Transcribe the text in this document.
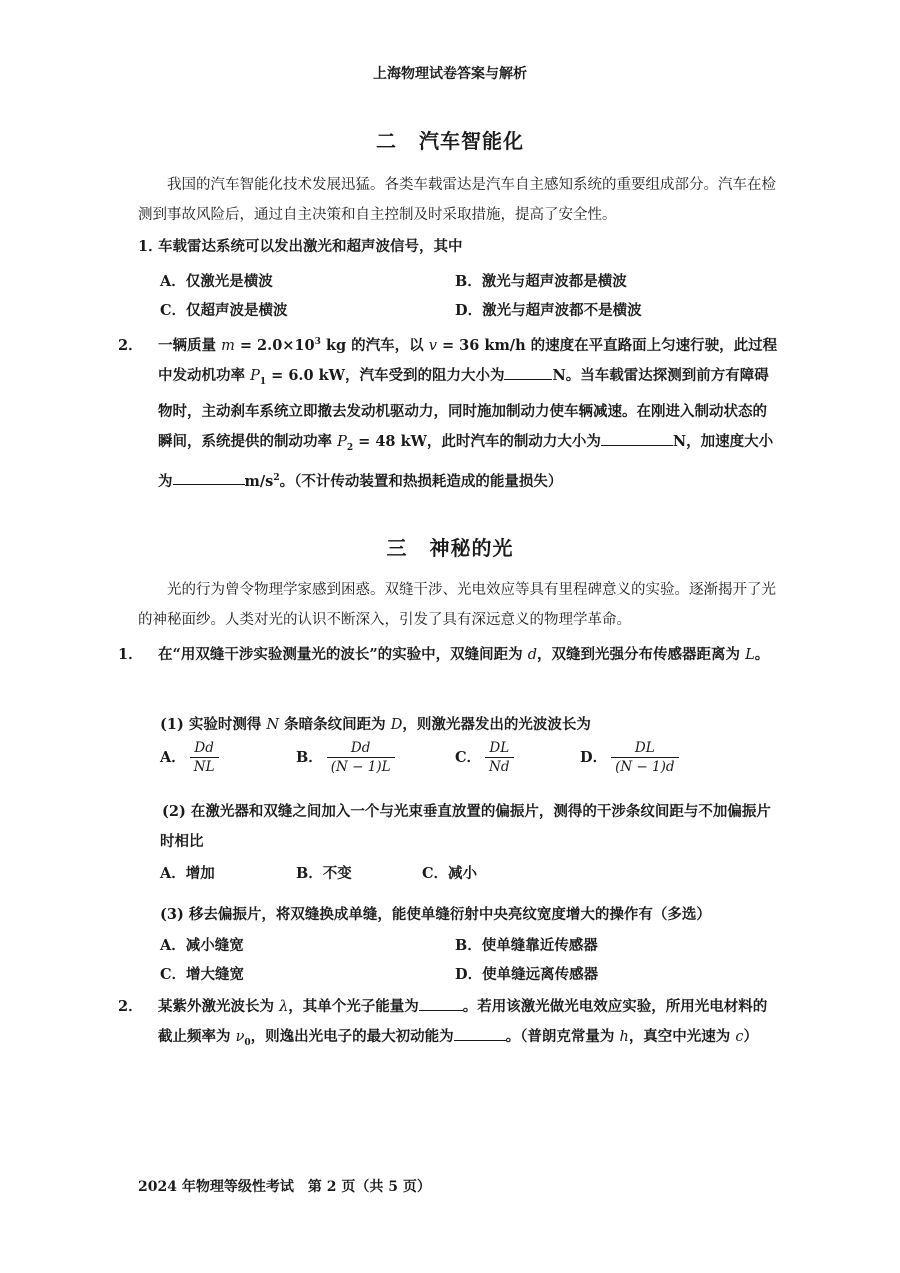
上海物理试卷答案与解析
二 汽车智能化
我国的汽车智能化技术发展迅猛。各类车载雷达是汽车自主感知系统的重要组成部分。汽车在检测到事故风险后，通过自主决策和自主控制及时采取措施，提高了安全性。
1．车载雷达系统可以发出激光和超声波信号，其中
A．仅激光是横波	B．激光与超声波都是横波
C．仅超声波是横波	D．激光与超声波都不是横波
2． 一辆质量 $m = 2.0\times 10^3$ kg 的汽车，以 v = 36 km/h 的速度在平直路面上匀速行驶，此过程中发动机功率 $P_1 = 6.0$ kW，汽车受到的阻力大小为	N。当车载雷达探测到前方有障碍物时，主动刹车系统立即撤去发动机驱动力，同时施加制动力使车辆减速。在刚进入制动状态的瞬间，系统提供的制动功率 $P_2 = 48$ kW，此时汽车的制动力大小为	N，加速度大小为	$m/s^2$。（不计传动装置和热损耗造成的能量损失）
三 神秘的光
光的行为曾令物理学家感到困惑。双缝干涉、光电效应等具有里程碑意义的实验。逐渐揭开了光的神秘面纱。人类对光的认识不断深入，引发了具有深远意义的物理学革命。
1． 在“用双缝干涉实验测量光的波长”的实验中，双缝间距为 d，双缝到光强分布传感器距离为 L。
(1) 实验时测得 N 条暗条纹间距为 D，则激光器发出的光波波长为
A． $\frac{Dd}{NL}$	B． $\frac{Dd}{(N - 1)L}$	C． $\frac{DL}{Nd}$	D． $\frac{DL}{(N - 1)d}$
(2) 在激光器和双缝之间加入一个与光束垂直放置的偏振片，测得的干涉条纹间距与不加偏振片时相比
A．增加	B．不变	C．减小
(3) 移去偏振片，将双缝换成单缝，能使单缝衍射中央亮纹宽度增大的操作有（多选）
A．减小缝宽	B．使单缝靠近传感器
C．增大缝宽	D．使单缝远离传感器
2． 某紫外激光波长为 λ，其单个光子能量为	。若用该激光做光电效应实验，所用光电材料的截止频率为 $\nu_0$，则逸出光电子的最大初动能为	。（普朗克常量为 h，真空中光速为 c）
2024 年物理等级性考试　第 2 页（共 5 页）
